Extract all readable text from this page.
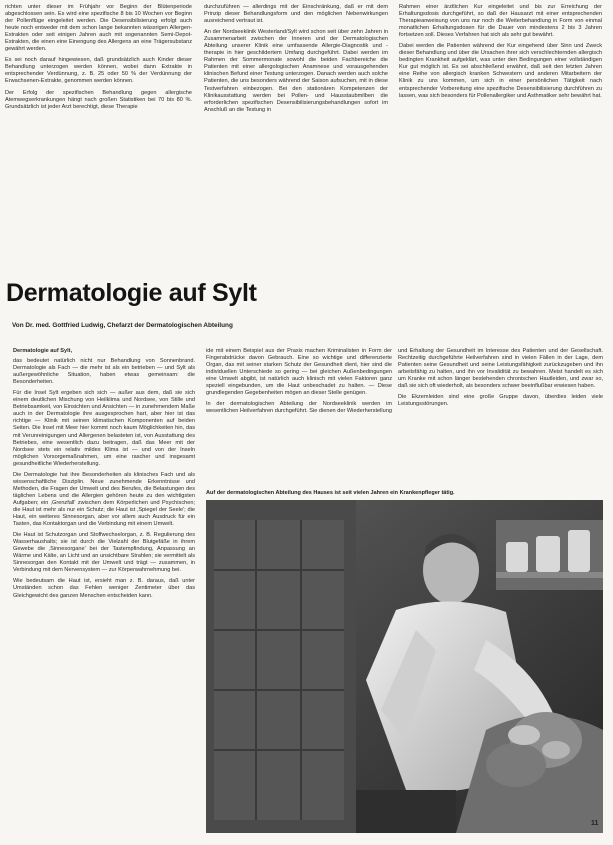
richten unter dieser im Frühjahr vor Beginn der Blütenperiode abgeschlossen sein. Es wird eine spezifische 8 bis 10 Wochen vor Beginn der Pollenflüge eingeleitet werden. Die Desensibilisierung erfolgt auch heute noch entweder mit dem schon lange bekannten wässrigen Allergen-Extrakten oder seit einigen Jahren auch mit sogenannten Semi-Depot-Extrakten, die einen eine Einengung des Allergens an eine Trägersubstanz gewährt werden.

Es sei noch darauf hingewiesen, daß grundsätzlich auch Kinder dieser Behandlung unterzogen werden können, wobei dann Extrakte in entsprechender Verdünnung, z. B. 25 oder 50 % der Verdünnung der Erwachsenen-Extrakte, genommen werden können.

Der Erfolg der spezifischen Behandlung gegen allergische Atemwegserkrankungen hängt nach großen Statistiken bei 70 bis 80 %. Grundsätzlich ist jeder Arzt berechtigt, diese Therapie

durchzuführen — allerdings mit der Einschränkung, daß er mit dem Prinzip dieser Behandlungsform und den möglichen Nebenwirkungen ausreichend vertraut ist.

An der Nordseeklinik Westerland/Sylt wird schon seit über zehn Jahren in Zusammenarbeit zwischen der Inneren und der Dermatologischen Abteilung unserer Klinik eine umfassende Allergie-Diagnostik und -therapie in hier geschildertem Umfang durchgeführt. Dabei werden im Rahmen der Sommermonate sowohl die beiden Fachbereiche die Patienten mit einer allergologischen Anamnese und vorausgehenden klinischen Befund einer Testung unterzogen. Danach werden auch solche Patienten, die uns besonders während der Saison aufsuchen, mit in diese Testverfahren einbezogen. Bei den stationären Kompetenzen der Klinikausstattung werden bei Pollen- und Hausstaubmilben die erforderlichen spezifischen Desensibilisierungsbehandlungen sofort im Anschluß an die Testung in

Rahmen einer ärztlichen Kur eingeleitet und bis zur Erreichung der Erhaltungsdosis durchgeführt, so daß der Hausarzt mit einer entsprechenden Therapieanweisung von uns nur noch die Weiterbehandlung in Form von einmal monatlichen Erhaltungsdosen für die Dauer von mindestens 2 bis 3 Jahren fortsetzen soll. Dieses Verfahren hat sich als sehr gut bewährt.

Dabei werden die Patienten während der Kur eingehend über Sinn und Zweck dieser Behandlung und über die Ursachen ihrer sich verschlechternden allergisch bedingten Krankheit aufgeklärt, was unter den Bedingungen einer vollständigen Kur gut möglich ist. Es sei abschließend erwähnt, daß seit den letzten Jahren eine Reihe von allergisch kranken Schwestern und anderen Mitarbeitern der Klinik zu uns kommen, um sich in einer persönlichen Tätigkeit nach entsprechender Vorbereitung eine spezifische Desensibilisierung durchführen zu lassen, was sich besonders für Pollenallergiker und Asthmatiker sehr bewährt hat.

Dermatologie auf Sylt
Von Dr. med. Gottfried Ludwig, Chefarzt der Dermatologischen Abteilung

Dermatologie auf Sylt,

das bedeutet natürlich nicht nur Behandlung von Sonnenbrand. Dermatologie als Fach — die mehr ist als ein betrieben — und Sylt als außergewöhnliche Situation, haben etwas gemeinsam: die Besonderheiten.

Für die Insel Sylt ergeben sich sich — außer aus dem, daß sie sich einem deutlichen Mischung von Heilklima und Nordsee, von Stille und Betriebsamkeit, von Einsichten und Ansichten — in zunehmendem Maße auch in der Dermatologie ihre ausgesprochen hart, aber hier ist das richtige — Klinik mit seinen klimatischen Komponenten auf beiden Seiten. Die Insel mit Meer hier kommt noch kaum Möglichkeiten hin, das mit Verunreinigungen und Allergenen belasteten ist, von Ausstattung des Betriebes, eine wesentlich dazu beitragen, daß das Meer mit der Nordsee stets ein relativ mildes Klima ist — und von der Inseln möglichen Vorsorgemaßnahmen, um eine rascher und insgesamt gesundheitliche Wiederherstellung.

Die Dermatologie hat ihre Besonderheiten als klinisches Fach und als wissenschaftliche Disziplin. Neue zunehmende Erkenntnisse und Methoden, die Fragen der Umwelt und des Berufes, die Belastungen des täglichen Lebens und die Allergien gehören heute zu den wichtigsten Aufgaben; ein ‚Grenzfall' zwischen dem Körperlichen und Psychischen; die Haut ist mehr als nur ein Schutz; die Haut ist ‚Spiegel der Seele'; die Haut, ein weiteres Sinnesorgan, aber vor allem auch Ausdruck für ein Tasten, das Kontaktorgan und die Verbindung mit einem Umwelt.

Die Haut ist Schutzorgan und Stoffwechselorgan, z. B. Regulierung des Wasserhaushalts; sie ist durch die Vielzahl der Blutgefäße in ihrem Gewebe die ‚Sinnesorgane' bei der Tastempfindung, Anpassung an Wärme und Kälte, an Licht und an unsichtbare Strahlen; sie vermittelt als Sinnesorgan den Kontakt mit der Umwelt und trägt — zusammen, in Verbindung mit dem Nervensystem — zur Körperwahrnehmung bei.

Wie bedeutsam die Haut ist, ersieht man z. B. daraus, daß unter Umständen schon das Fehlen weniger Zentimeter über das Gleichgewicht des ganzen Menschen entscheiden kann.

ide mit einem Beispiel aus der Praxis machen Kriminalisten in Form der Fingerabdrücke davon Gebrauch. Eine so wichtige und differenzierte Organ, das mit seiner starken Schutz der Gesundheit dient, hier sind die individuellen Unterschiede so gering — bei gleichen Außenbedingungen eine Umwelt abgibt, ist natürlich auch klinisch mit vielen Faktoren ganz speziell eingebunden, um die Haut unbeschadet zu halten. — Diese grundlegenden Gegebenheiten mögen an dieser Stelle genügen.

In der dermatologischen Abteilung der Nordseeklinik werden im wesentlichen Heilverfahren durchgeführt. Sie dienen der Wiederherstellung

und Erhaltung der Gesundheit im Interesse des Patienten und der Gesellschaft. Rechtzeitig durchgeführte Heilverfahren sind in vielen Fällen in der Lage, dem Patienten seine Gesundheit und seine Leistungsfähigkeit zurückzugeben und ihn arbeitsfähig zu halten, und ihn vor Invalidität zu bewahren. Meist handelt es sich um Kranke mit schon länger bestehenden chronischen Hautleiden, und zwar so, daß sie sich oft wiederholt, als besonders schwer beeinflußbar erwiesen haben.

Die Ekzemleiden sind eine große Gruppe davon, überdies leiden viele Leistungsstörungen.

Auf der dermatologischen Abteilung des Hauses ist seit vielen Jahren ein Krankenpfleger tätig.
11
